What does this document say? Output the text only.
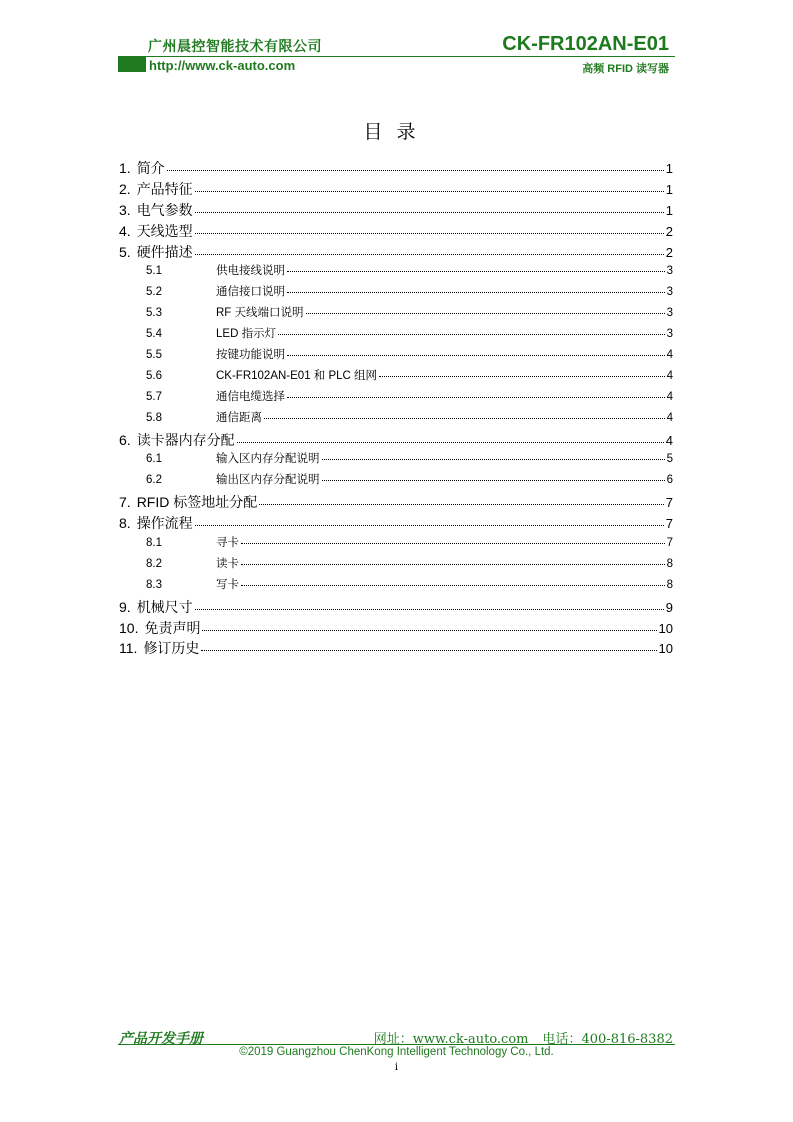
广州晨控智能技术有限公司	CK-FR102AN-E01
http://www.ck-auto.com	高频 RFID 读写器
目录
1. 简介	1
2. 产品特征	1
3. 电气参数	1
4. 天线选型	2
5. 硬件描述	2
5.1	供电接线说明	3
5.2	通信接口说明	3
5.3	RF 天线端口说明	3
5.4	LED 指示灯	3
5.5	按键功能说明	4
5.6	CK-FR102AN-E01 和 PLC 组网	4
5.7	通信电缆选择	4
5.8	通信距离	4
6. 读卡器内存分配	4
6.1	输入区内存分配说明	5
6.2	输出区内存分配说明	6
7. RFID 标签地址分配	7
8. 操作流程	7
8.1	寻卡	7
8.2	读卡	8
8.3	写卡	8
9. 机械尺寸	9
10. 免责声明	10
11. 修订历史	10
产品开发手册	网址：www.ck-auto.com 电话：400-816-8382
©2019 Guangzhou ChenKong Intelligent Technology Co., Ltd.
i
